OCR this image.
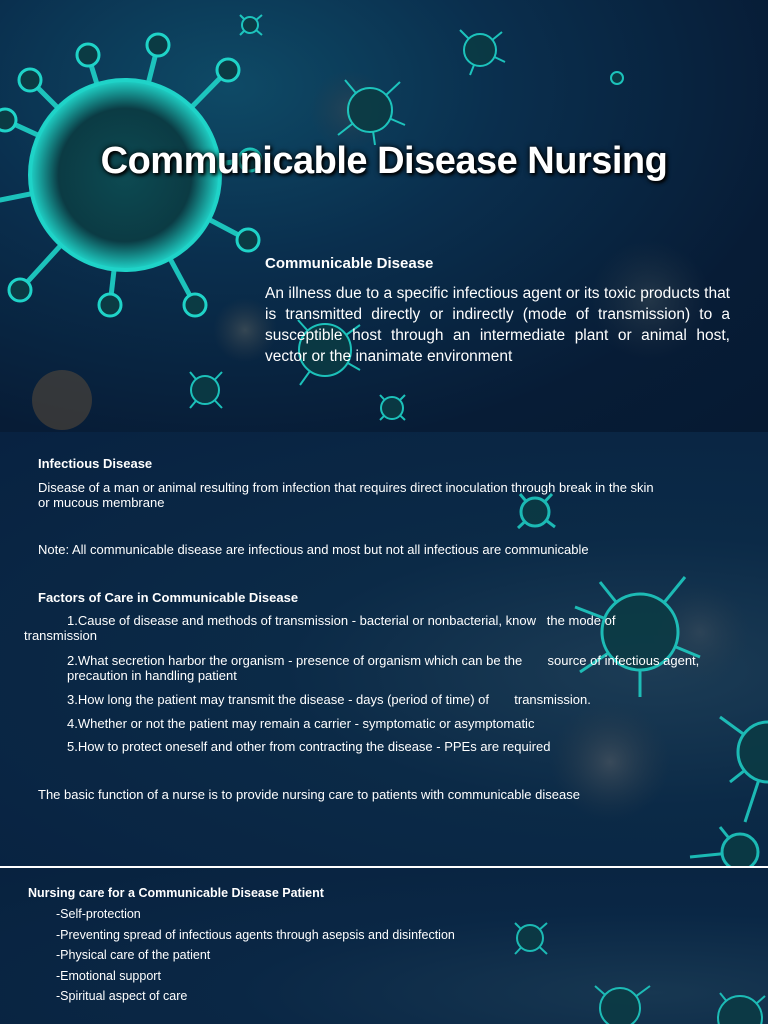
Communicable Disease Nursing
Communicable Disease
An illness due to a specific infectious agent or its toxic products that is transmitted directly or indirectly (mode of transmission) to a susceptible host through an intermediate plant or animal host, vector or the inanimate environment
Infectious Disease
Disease of a man or animal resulting from infection that requires direct inoculation through break in the skin or mucous membrane
Note: All communicable disease are infectious and most but not all infectious are communicable
Factors of Care in Communicable Disease
1.Cause of disease and methods of transmission - bacterial or nonbacterial, know   the mode of transmission
2.What secretion harbor the organism - presence of organism which can be the       source of infectious agent, precaution in handling patient
3.How long the patient may transmit the disease - days (period of time) of       transmission.
4.Whether or not the patient may remain a carrier - symptomatic or asymptomatic
5.How to protect oneself and other from contracting the disease - PPEs are required
The basic function of a nurse is to provide nursing care to patients with communicable disease
Nursing care for a Communicable Disease Patient
-Self-protection
-Preventing spread of infectious agents through asepsis and disinfection
-Physical care of the patient
-Emotional support
-Spiritual aspect of care
